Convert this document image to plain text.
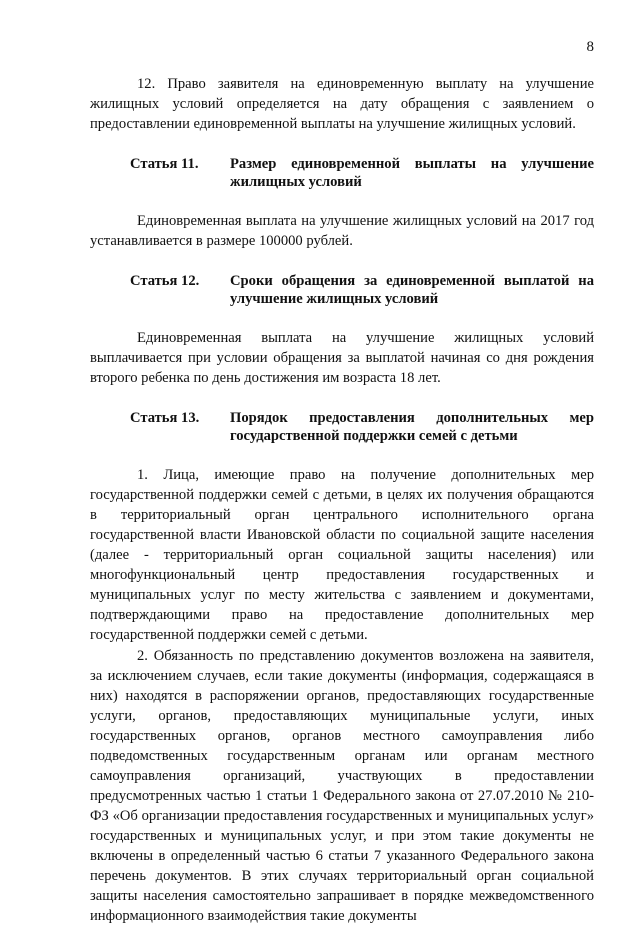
8

12. Право заявителя на единовременную выплату на улучшение жилищных условий определяется на дату обращения с заявлением о предоставлении единовременной выплаты на улучшение жилищных условий.

Статья 11.	Размер единовременной выплаты на улучшение жилищных условий

Единовременная выплата на улучшение жилищных условий на 2017 год устанавливается в размере 100000 рублей.

Статья 12.	Сроки обращения за единовременной выплатой на улучшение жилищных условий

Единовременная выплата на улучшение жилищных условий выплачивается при условии обращения за выплатой начиная со дня рождения второго ребенка по день достижения им возраста 18 лет.

Статья 13.	Порядок предоставления дополнительных мер государственной поддержки семей с детьми

1. Лица, имеющие право на получение дополнительных мер государственной поддержки семей с детьми, в целях их получения обращаются в территориальный орган центрального исполнительного органа государственной власти Ивановской области по социальной защите населения (далее - территориальный орган социальной защиты населения) или многофункциональный центр предоставления государственных и муниципальных услуг по месту жительства с заявлением и документами, подтверждающими право на предоставление дополнительных мер государственной поддержки семей с детьми.

2. Обязанность по представлению документов возложена на заявителя, за исключением случаев, если такие документы (информация, содержащаяся в них) находятся в распоряжении органов, предоставляющих государственные услуги, органов, предоставляющих муниципальные услуги, иных государственных органов, органов местного самоуправления либо подведомственных государственным органам или органам местного самоуправления организаций, участвующих в предоставлении предусмотренных частью 1 статьи 1 Федерального закона от 27.07.2010 № 210-ФЗ «Об организации предоставления государственных и муниципальных услуг» государственных и муниципальных услуг, и при этом такие документы не включены в определенный частью 6 статьи 7 указанного Федерального закона перечень документов. В этих случаях территориальный орган социальной защиты населения самостоятельно запрашивает в порядке межведомственного информационного взаимодействия такие документы
